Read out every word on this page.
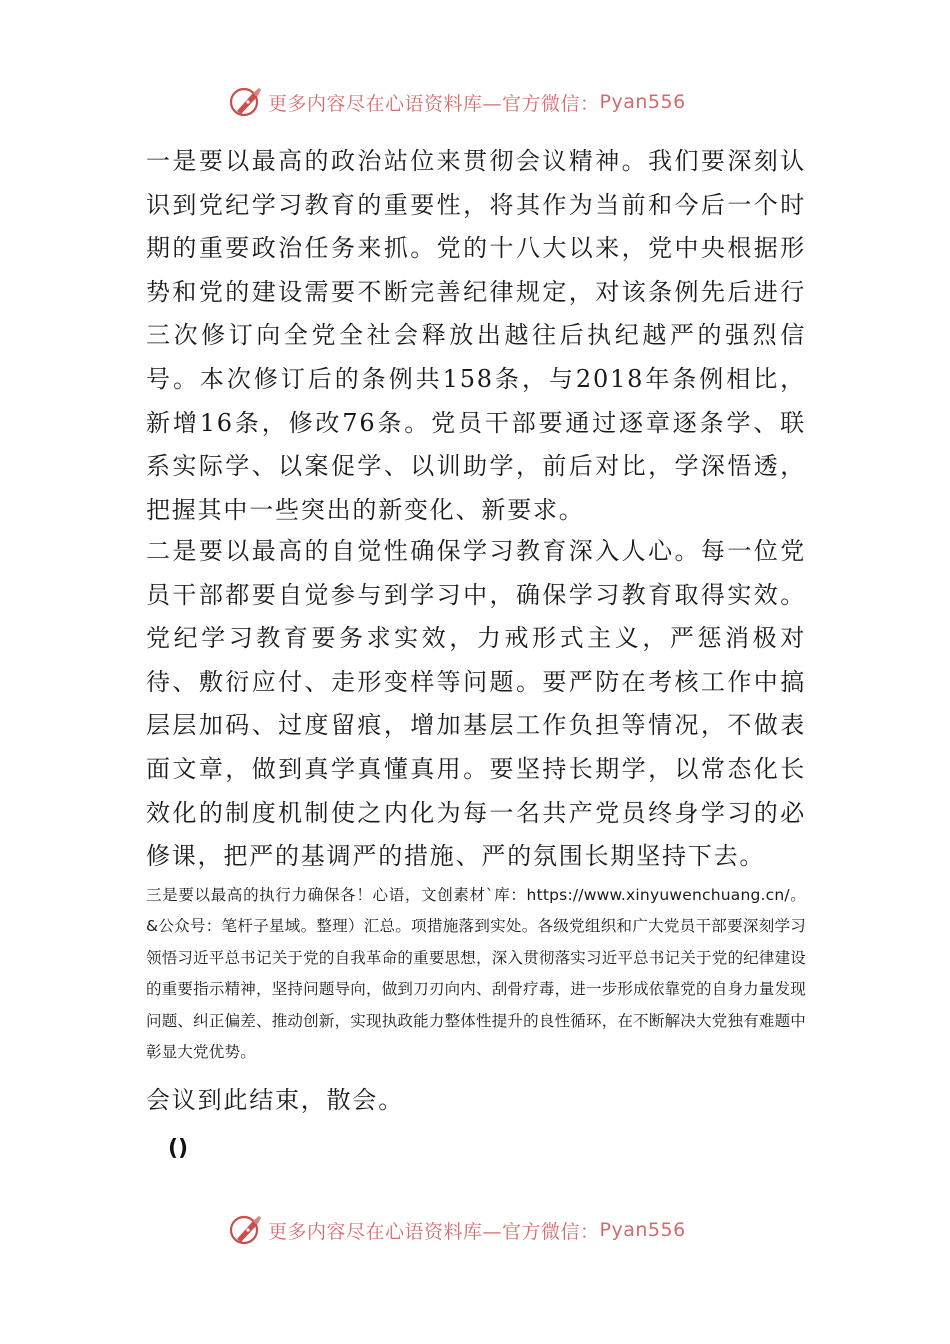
更多内容尽在心语资料库—官方微信： Pyan556
一是要以最高的政治站位来贯彻会议精神。我们要深刻认识到党纪学习教育的重要性，将其作为当前和今后一个时期的重要政治任务来抓。党的十八大以来，党中央根据形势和党的建设需要不断完善纪律规定，对该条例先后进行三次修订向全党全社会释放出越往后执纪越严的强烈信号。本次修订后的条例共158条，与2018年条例相比，新增16条，修改76条。党员干部要通过逐章逐条学、联系实际学、以案促学、以训助学，前后对比，学深悟透，把握其中一些突出的新变化、新要求。
二是要以最高的自觉性确保学习教育深入人心。每一位党员干部都要自觉参与到学习中，确保学习教育取得实效。党纪学习教育要务求实效，力戒形式主义，严惩消极对待、敷衍应付、走形变样等问题。要严防在考核工作中搞层层加码、过度留痕，增加基层工作负担等情况，不做表面文章，做到真学真懂真用。要坚持长期学，以常态化长效化的制度机制使之内化为每一名共产党员终身学习的必修课，把严的基调严的措施、严的氛围长期坚持下去。
三是要以最高的执行力确保各！心语，文创素材`库：https://www.xinyuwenchuang.cn/。&公众号：笔杆子星域。整理）汇总。项措施落到实处。各级党组织和广大党员干部要深刻学习领悟习近平总书记关于党的自我革命的重要思想，深入贯彻落实习近平总书记关于党的纪律建设的重要指示精神，坚持问题导向，做到刀刃向内、刮骨疗毒，进一步形成依靠党的自身力量发现问题、纠正偏差、推动创新，实现执政能力整体性提升的良性循环，在不断解决大党独有难题中彰显大党优势。
会议到此结束，散会。
()
更多内容尽在心语资料库—官方微信： Pyan556
